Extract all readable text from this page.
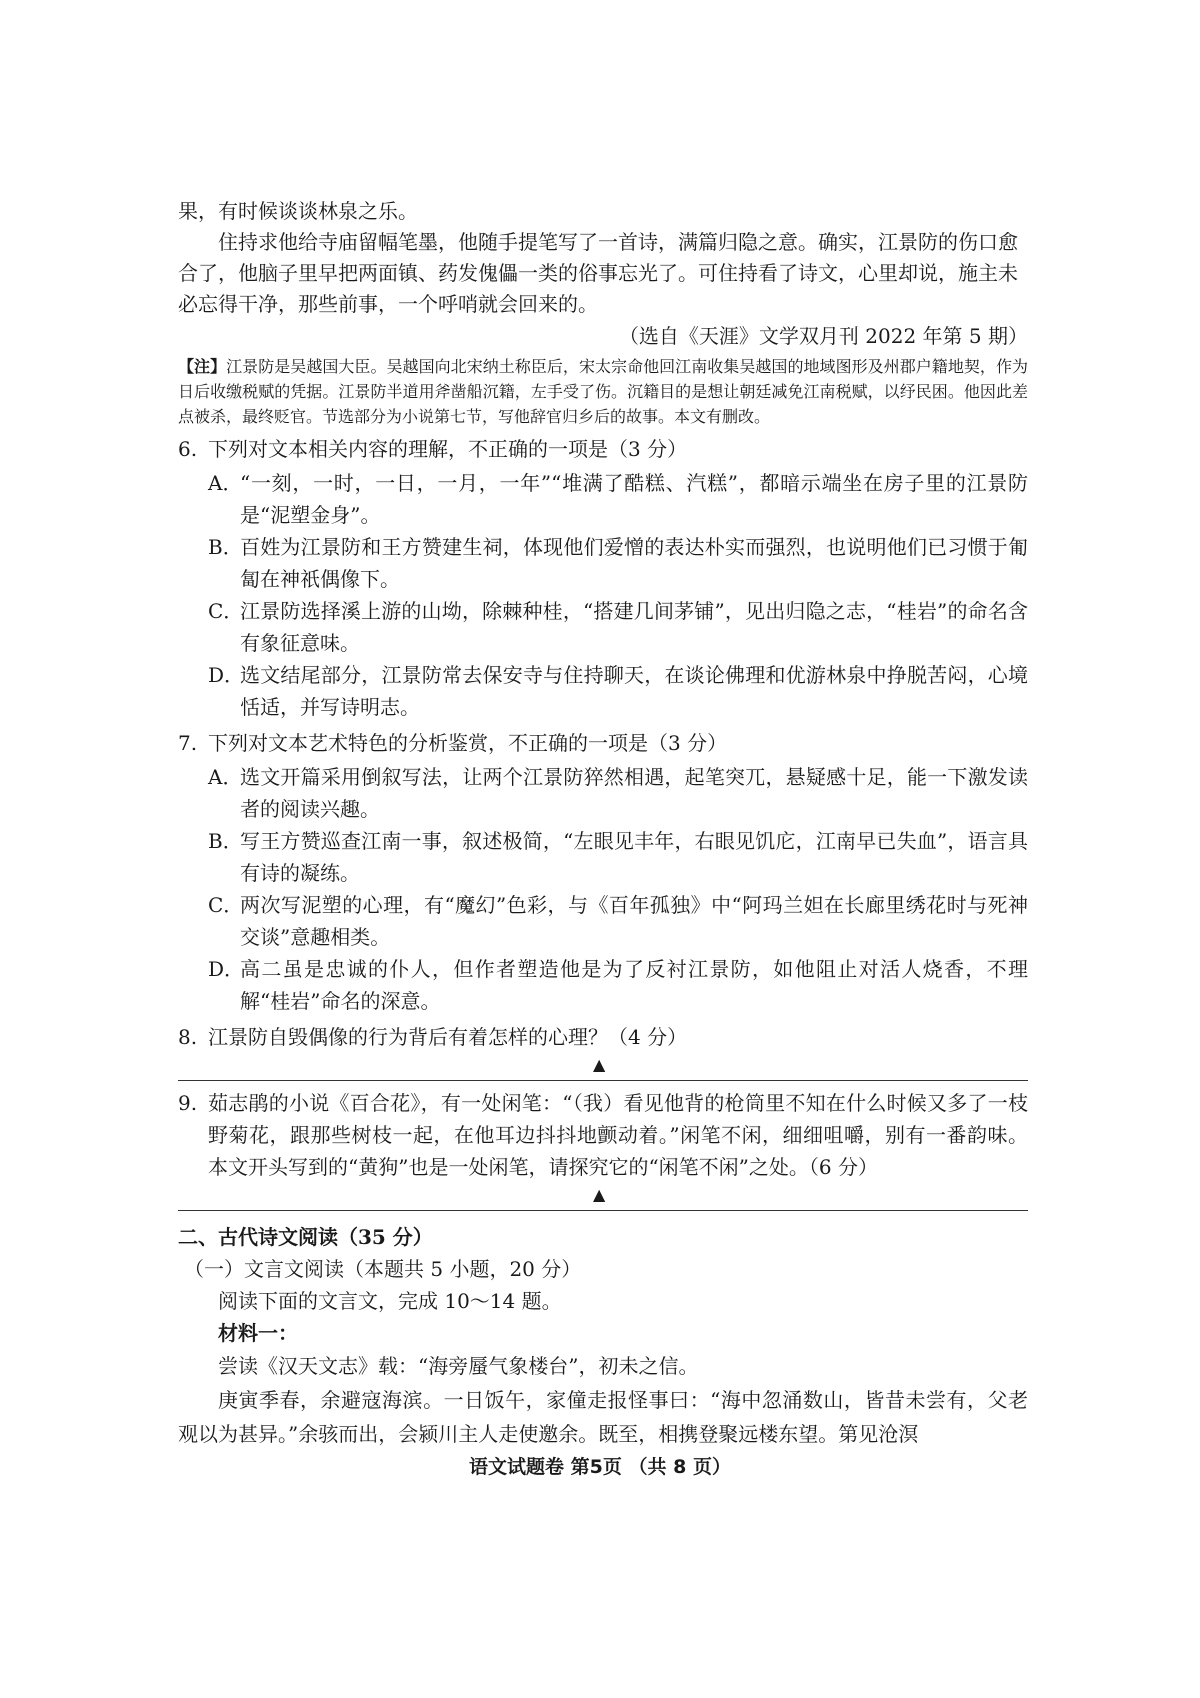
果，有时候谈谈林泉之乐。

住持求他给寺庙留幅笔墨，他随手提笔写了一首诗，满篇归隐之意。确实，江景防的伤口愈合了，他脑子里早把两面镇、药发傀儡一类的俗事忘光了。可住持看了诗文，心里却说，施主未必忘得干净，那些前事，一个呼哨就会回来的。

（选自《天涯》文学双月刊 2022 年第 5 期）

【注】江景防是吴越国大臣。吴越国向北宋纳土称臣后，宋太宗命他回江南收集吴越国的地域图形及州郡户籍地契，作为日后收缴税赋的凭据。江景防半道用斧凿船沉籍，左手受了伤。沉籍目的是想让朝廷减免江南税赋，以纾民困。他因此差点被杀，最终贬官。节选部分为小说第七节，写他辞官归乡后的故事。本文有删改。

6. 下列对文本相关内容的理解，不正确的一项是（3 分）
A．
“一刻，一时，一日，一月，一年”“堆满了酷糕、汽糕”，都暗示端坐在房子里的江景防是“泥塑金身”。
B．
百姓为江景防和王方赞建生祠，体现他们爱憎的表达朴实而强烈，也说明他们已习惯于匍匐在神祇偶像下。
C．
江景防选择溪上游的山坳，除棘种桂，“搭建几间茅铺”，见出归隐之志，“桂岩”的命名含有象征意味。
D．
选文结尾部分，江景防常去保安寺与住持聊天，在谈论佛理和优游林泉中挣脱苦闷，心境恬适，并写诗明志。
7. 下列对文本艺术特色的分析鉴赏，不正确的一项是（3 分）
A．
选文开篇采用倒叙写法，让两个江景防猝然相遇，起笔突兀，悬疑感十足，能一下激发读者的阅读兴趣。
B．
写王方赞巡查江南一事，叙述极简，“左眼见丰年，右眼见饥庀，江南早已失血”，语言具有诗的凝练。
C．
两次写泥塑的心理，有“魔幻”色彩，与《百年孤独》中“阿玛兰妲在长廊里绣花时与死神交谈”意趣相类。
D．
高二虽是忠诚的仆人，但作者塑造他是为了反衬江景防，如他阻止对活人烧香，不理解“桂岩”命名的深意。
8. 江景防自毁偶像的行为背后有着怎样的心理？（4 分）
▲
9. 茹志鹃的小说《百合花》，有一处闲笔：“（我）看见他背的枪筒里不知在什么时候又多了一枝野菊花，跟那些树枝一起，在他耳边抖抖地颤动着。”闲笔不闲，细细咀嚼，别有一番韵味。本文开头写到的“黄狗”也是一处闲笔，请探究它的“闲笔不闲”之处。（6 分）
▲

二、古代诗文阅读（35 分）

（一）文言文阅读（本题共 5 小题，20 分）

阅读下面的文言文，完成 10～14 题。

材料一：

尝读《汉天文志》载：“海旁蜃气象楼台”，初未之信。

庚寅季春，余避寇海滨。一日饭午，家僮走报怪事曰：“海中忽涌数山，皆昔未尝有，父老观以为甚异。”余骇而出，会颍川主人走使邀余。既至，相携登聚远楼东望。第见沧溟

语文试题卷 第5页 （共 8 页）
